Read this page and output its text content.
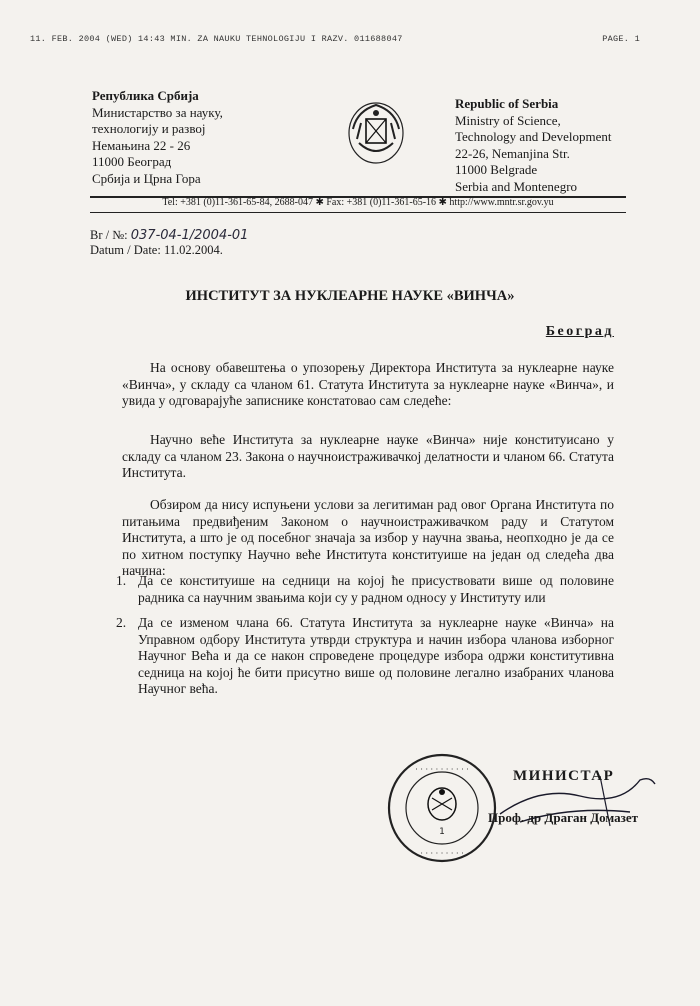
11. FEB. 2004 (WED) 14:43 MIN. ZA NAUKU TEHNOLOGIJU I RAZV. 011688047	PAGE. 1
Република Србија
Министарство за науку,
технологију и развој
Немањина 22 - 26
11000 Београд
Србија и Црна Гора
Republic of Serbia
Ministry of Science,
Technology and Development
22-26, Nemanjina Str.
11000 Belgrade
Serbia and Montenegro
Tel: +381 (0)11-361-65-84, 2688-047 ✱ Fax: +381 (0)11-361-65-16 ✱ http://www.mntr.sr.gov.yu
Br / №: 037-04-1/2004-01
Datum / Date: 11.02.2004.
ИНСТИТУТ ЗА НУКЛЕАРНЕ НАУКЕ «ВИНЧА»
Београд
На основу обавештења о упозорењу Директора Института за нуклеарне науке «Винча», у складу са чланом 61. Статута Института за нуклеарне науке «Винча», и увида у одговарајуће записнике констатовао сам следеће:
Научно веће Института за нуклеарне науке «Винча» није конституисано у складу са чланом 23. Закона о научноистраживачкој делатности и чланом 66. Статута Института.
Обзиром да нису испуњени услови за легитиман рад овог Органа Института по питањима предвиђеним Законом о научноистраживачком раду и Статутом Института, а што је од посебног значаја за избор у научна звања, неопходно је да се по хитном поступку Научно веће Института конституише на један од следећа два начина:
1. Да се конституише на седници на којој ће присуствовати више од половине радника са научним звањима који су у радном односу у Институту или
2. Да се изменом члана 66. Статута Института за нуклеарне науке «Винча» на Управном одбору Института утврди структура и начин избора чланова изборног Научног Већа и да се након спроведене процедуре избора одржи конститутивна седница на којој ће бити присутно више од половине легално изабраних чланова Научног већа.
· · · · · · · · · · ·
· · · · · · · · ·
1
МИНИСТАР
Проф. др Драган Домазет
